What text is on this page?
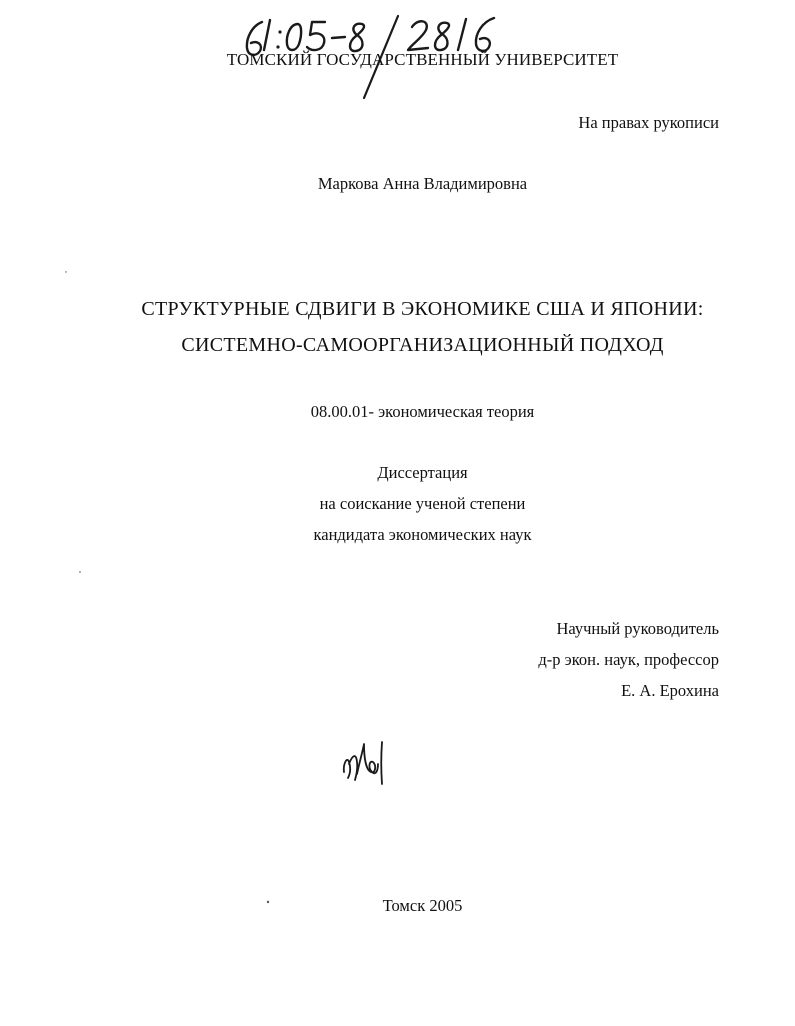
ТОМСКИЙ ГОСУДАРСТВЕННЫЙ УНИВЕРСИТЕТ
На правах рукописи
Маркова Анна Владимировна
СТРУКТУРНЫЕ СДВИГИ В ЭКОНОМИКЕ США И ЯПОНИИ:
СИСТЕМНО-САМООРГАНИЗАЦИОННЫЙ ПОДХОД
08.00.01- экономическая теория
Диссертация
на соискание ученой степени
кандидата экономических наук
Научный руководитель
д-р экон. наук, профессор
Е. А. Ерохина
Томск 2005
